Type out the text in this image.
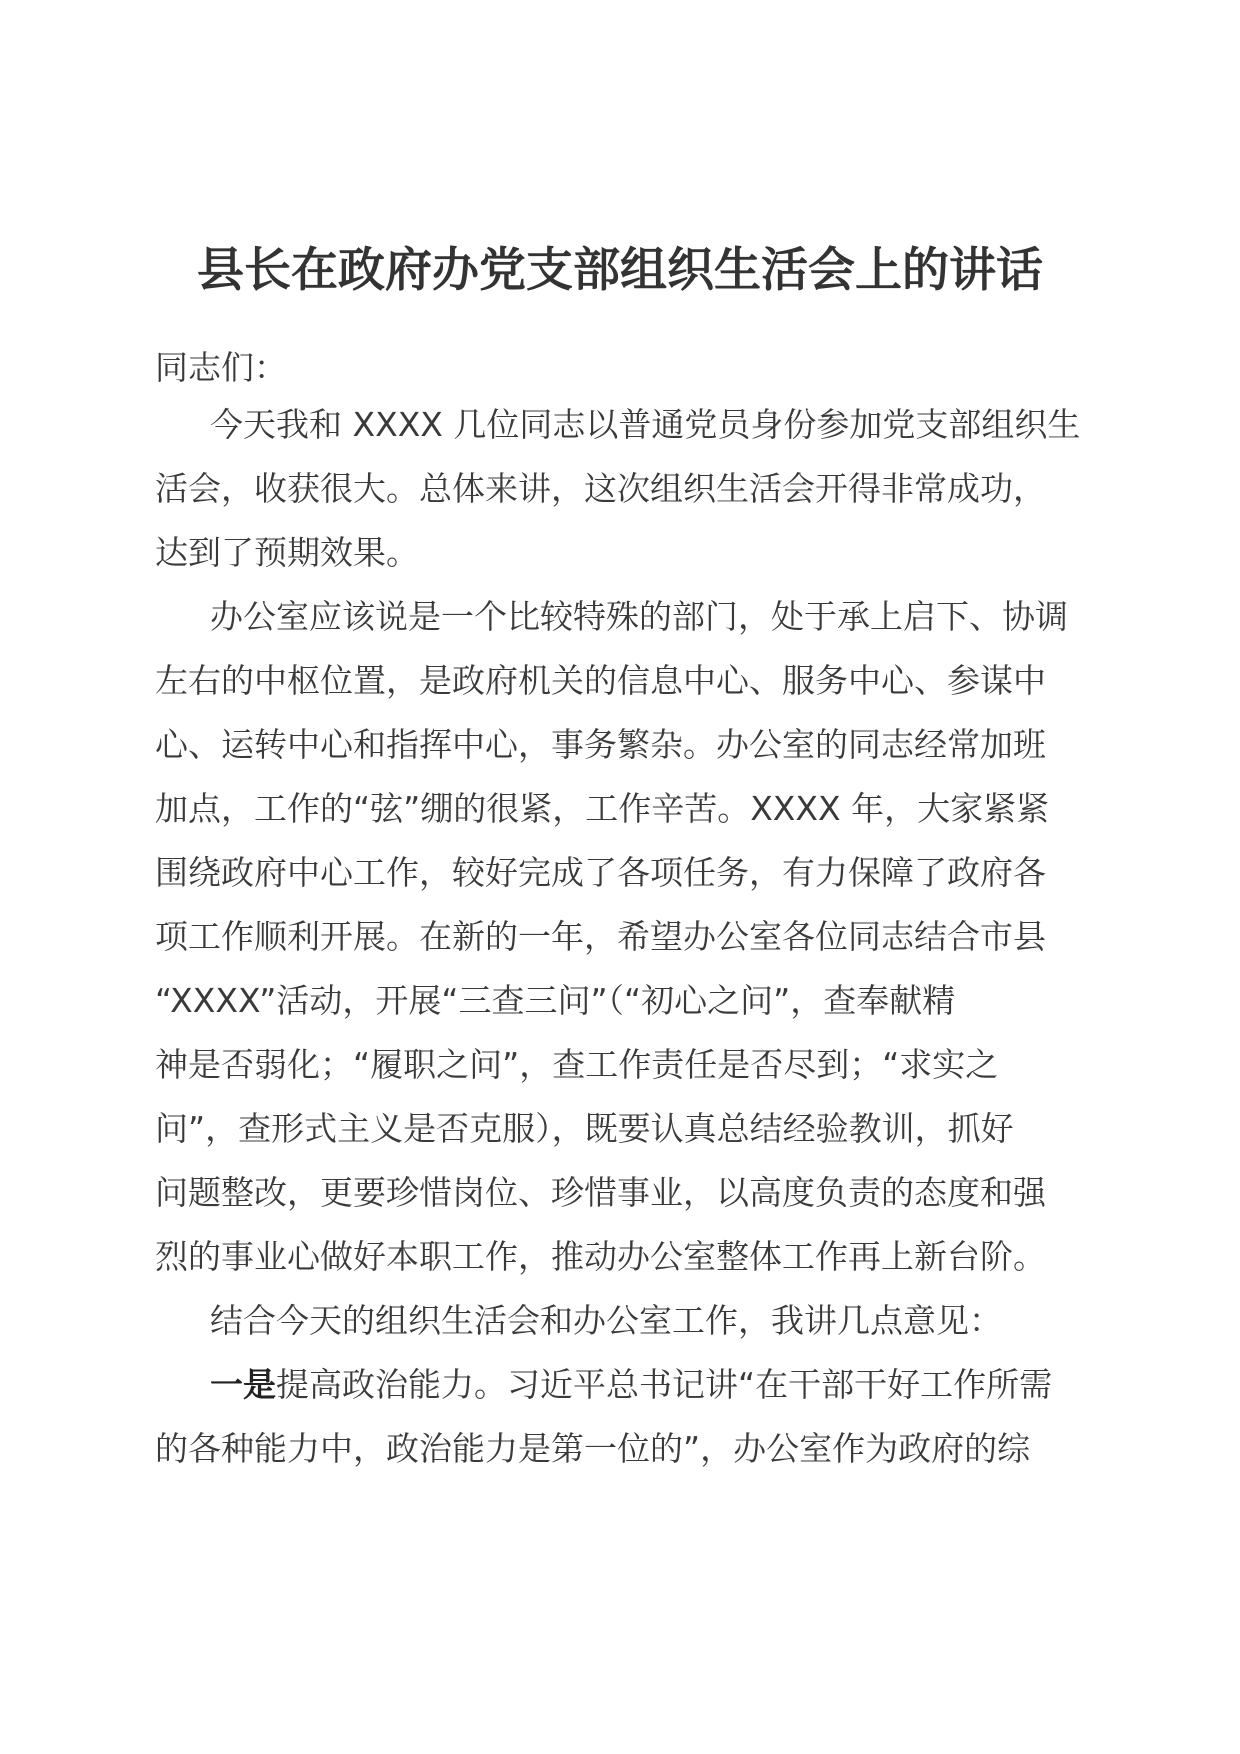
县长在政府办党支部组织生活会上的讲话
同志们：
今天我和 XXXX 几位同志以普通党员身份参加党支部组织生
活会，收获很大。总体来讲，这次组织生活会开得非常成功，
达到了预期效果。
办公室应该说是一个比较特殊的部门，处于承上启下、协调
左右的中枢位置，是政府机关的信息中心、服务中心、参谋中
心、运转中心和指挥中心，事务繁杂。办公室的同志经常加班
加点，工作的“弦”绷的很紧，工作辛苦。XXXX 年，大家紧紧
围绕政府中心工作，较好完成了各项任务，有力保障了政府各
项工作顺利开展。在新的一年，希望办公室各位同志结合市县
“XXXX”活动，开展“三查三问”（“初心之问”，查奉献精
神是否弱化；“履职之问”，查工作责任是否尽到；“求实之
问”，查形式主义是否克服），既要认真总结经验教训，抓好
问题整改，更要珍惜岗位、珍惜事业，以高度负责的态度和强
烈的事业心做好本职工作，推动办公室整体工作再上新台阶。
结合今天的组织生活会和办公室工作，我讲几点意见：
一是提高政治能力。习近平总书记讲“在干部干好工作所需
的各种能力中，政治能力是第一位的”，办公室作为政府的综
